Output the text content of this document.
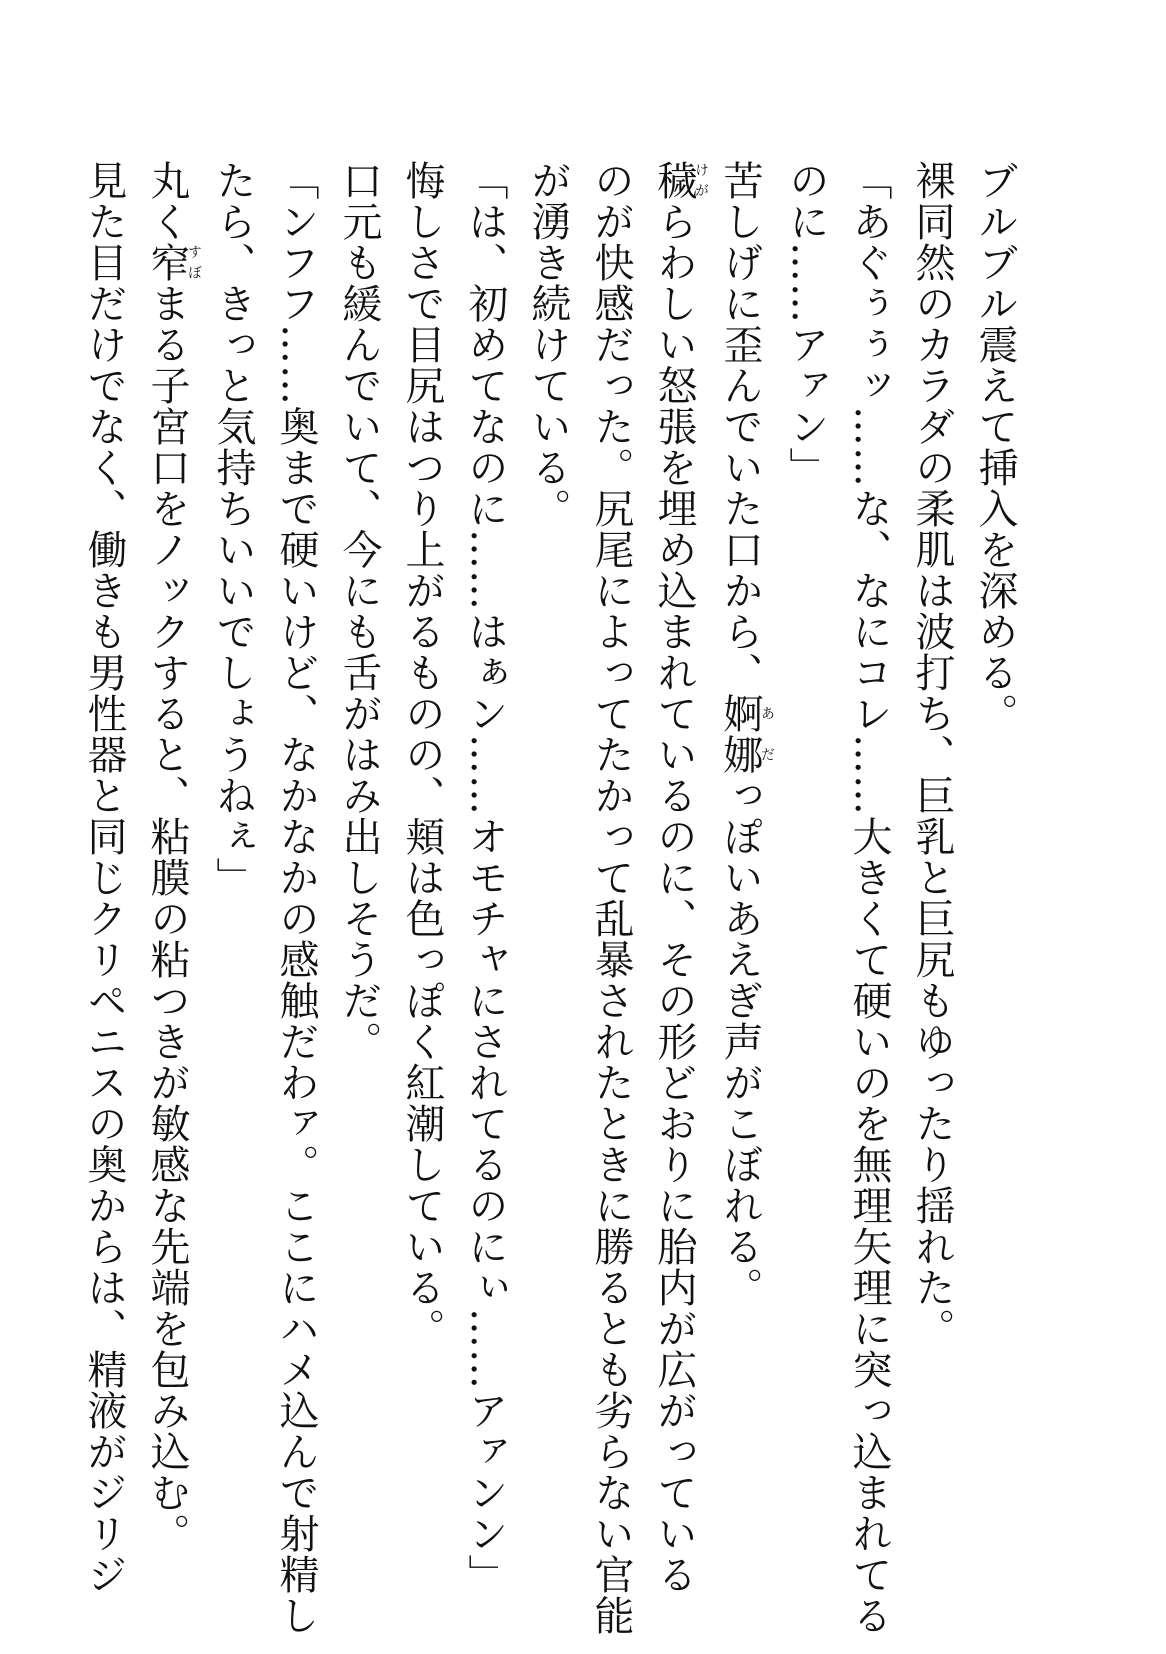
ブルブル震えて挿入を深める。
裸同然のカラダの柔肌は波打ち、巨乳と巨尻もゆったり揺れた。
「あぐぅぅッ……な、なにコレ……大きくて硬いのを無理矢理に突っ込まれてる
のに……アァン」
苦しげに歪んでいた口から、婀娜あだっぽいあえぎ声がこぼれる。
穢けがらわしい怒張を埋め込まれているのに、その形どおりに胎内が広がっている
のが快感だった。尻尾によってたかって乱暴されたときに勝るとも劣らない官能
が湧き続けている。
「は、初めてなのに……はぁン……オモチャにされてるのにぃ……アァンン」
悔しさで目尻はつり上がるものの、頬は色っぽく紅潮している。
口元も緩んでいて、今にも舌がはみ出しそうだ。
「ンフフ……奥まで硬いけど、なかなかの感触だわァ。ここにハメ込んで射精し
たら、きっと気持ちいいでしょうねぇ」
丸く窄すぼまる子宮口をノックすると、粘膜の粘つきが敏感な先端を包み込む。
見た目だけでなく、働きも男性器と同じクリペニスの奥からは、精液がジリジ
